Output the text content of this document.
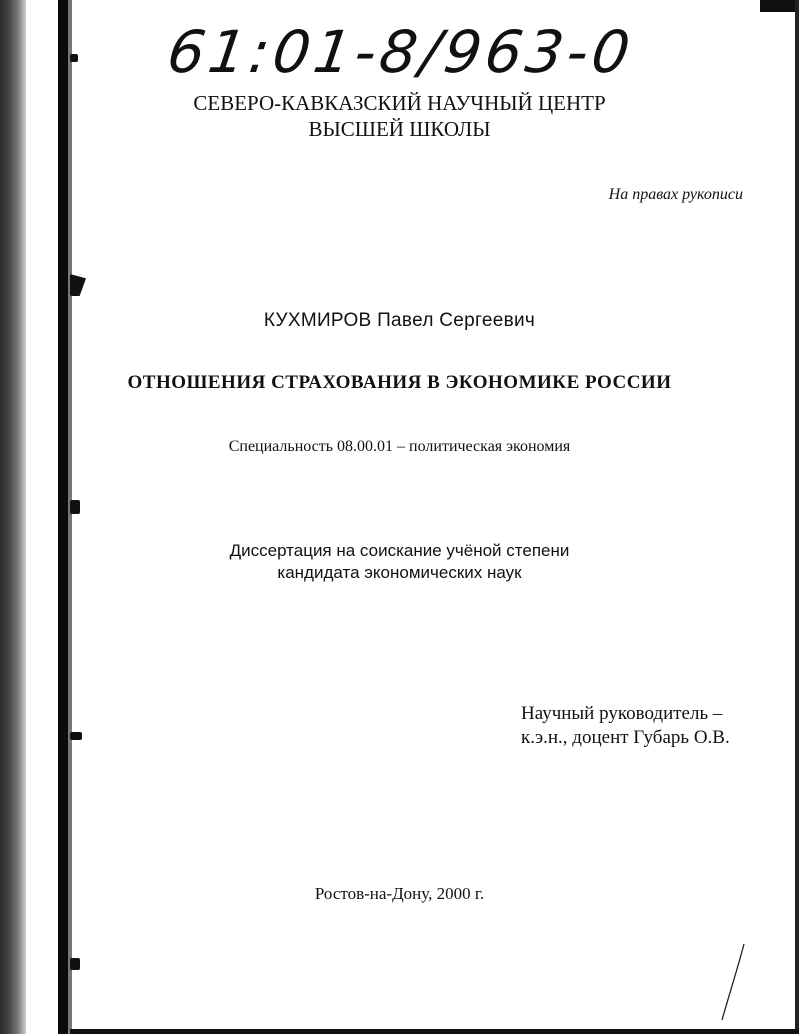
61:01-8/963-0
СЕВЕРО-КАВКАЗСКИЙ НАУЧНЫЙ ЦЕНТР
ВЫСШЕЙ ШКОЛЫ
На правах рукописи
КУХМИРОВ Павел Сергеевич
ОТНОШЕНИЯ СТРАХОВАНИЯ В ЭКОНОМИКЕ РОССИИ
Специальность 08.00.01 – политическая экономия
Диссертация на соискание учёной степени
кандидата экономических наук
Научный руководитель –
к.э.н., доцент Губарь О.В.
Ростов-на-Дону, 2000 г.
